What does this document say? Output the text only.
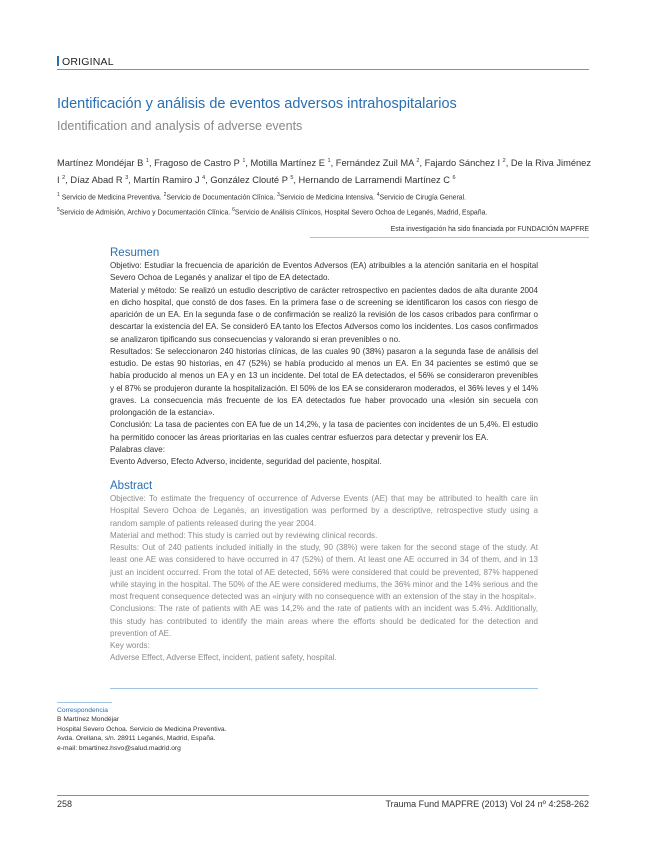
ORIGINAL
Identificación y análisis de eventos adversos intrahospitalarios
Identification and analysis of adverse events
Martínez Mondéjar B $^1$, Fragoso de Castro P $^1$, Motilla Martínez E $^1$, Fernández Zuil MA $^2$, Fajardo Sánchez I $^2$, De la Riva Jiménez I $^2$, Díaz Abad R $^3$, Martín Ramiro J $^4$, González Clouté P $^5$, Hernando de Larramendi Martínez C $^6$
$^1$ Servicio de Medicina Preventiva. $^2$Servicio de Documentación Clínica. $^3$Servicio de Medicina Intensiva. $^4$Servicio de Cirugía General.
$^5$Servicio de Admisión, Archivo y Documentación Clínica. $^6$Servicio de Análisis Clínicos, Hospital Severo Ochoa de Leganés, Madrid, España.
Esta investigación ha sido financiada por FUNDACIÓN MAPFRE
Resumen

Objetivo: Estudiar la frecuencia de aparición de Eventos Adversos (EA) atribuibles a la atención sanitaria en el hospital Severo Ochoa de Leganés y analizar el tipo de EA detectado.

Material y método: Se realizó un estudio descriptivo de carácter retrospectivo en pacientes dados de alta durante 2004 en dicho hospital, que constó de dos fases. En la primera fase o de screening se identificaron los casos con riesgo de aparición de un EA. En la segunda fase o de confirmación se realizó la revisión de los casos cribados para confirmar o descartar la existencia del EA. Se consideró EA tanto los Efectos Adversos como los incidentes. Los casos confirmados se analizaron tipificando sus consecuencias y valorando si eran prevenibles o no.

Resultados: Se seleccionaron 240 historias clínicas, de las cuales 90 (38%) pasaron a la segunda fase de análisis del estudio. De estas 90 historias, en 47 (52%) se había producido al menos un EA. En 34 pacientes se estimó que se había producido al menos un EA y en 13 un incidente. Del total de EA detectados, el 56% se consideraron prevenibles y el 87% se produjeron durante la hospitalización. El 50% de los EA se consideraron moderados, el 36% leves y el 14% graves. La consecuencia más frecuente de los EA detectados fue haber provocado una «lesión sin secuela con prolongación de la estancia».

Conclusión: La tasa de pacientes con EA fue de un 14,2%, y la tasa de pacientes con incidentes de un 5,4%. El estudio ha permitido conocer las áreas prioritarias en las cuales centrar esfuerzos para detectar y prevenir los EA.

Palabras clave:

Evento Adverso, Efecto Adverso, incidente, seguridad del paciente, hospital.

Abstract

Objective: To estimate the frequency of occurrence of Adverse Events (AE) that may be attributed to health care iin Hospital Severo Ochoa de Leganés, an investigation was performed by a descriptive, retrospective study using a random sample of patients released during the year 2004.

Material and method: This study is carried out by reviewing clinical records.

Results: Out of 240 patients included initially in the study, 90 (38%) were taken for the second stage of the study. At least one AE was considered to have occurred in 47 (52%) of them. At least one AE occurred in 34 of them, and in 13 just an incident occurred. From the total of AE detected, 56% were considered that could be prevented, 87% happened while staying in the hospital. The 50% of the AE were considered mediums, the 36% minor and the 14% serious and the most frequent consequence detected was an «injury with no consequence with an extension of the stay in the hospital».

Conclusions: The rate of patients with AE was 14,2% and the rate of patients with an incident was 5.4%. Additionally, this study has contributed to identify the main areas where the efforts should be dedicated for the detection and prevention of AE.

Key words:

Adverse Effect, Adverse Effect, incident, patient safety, hospital.

Correspondencia
B Martínez Mondéjar
Hospital Severo Ochoa. Servicio de Medicina Preventiva.
Avda. Orellana, s/n. 28911 Leganés, Madrid, España.
e-mail: bmartinez.hsvo@salud.madrid.org
258	Trauma Fund MAPFRE (2013) Vol 24 nº 4:258-262
